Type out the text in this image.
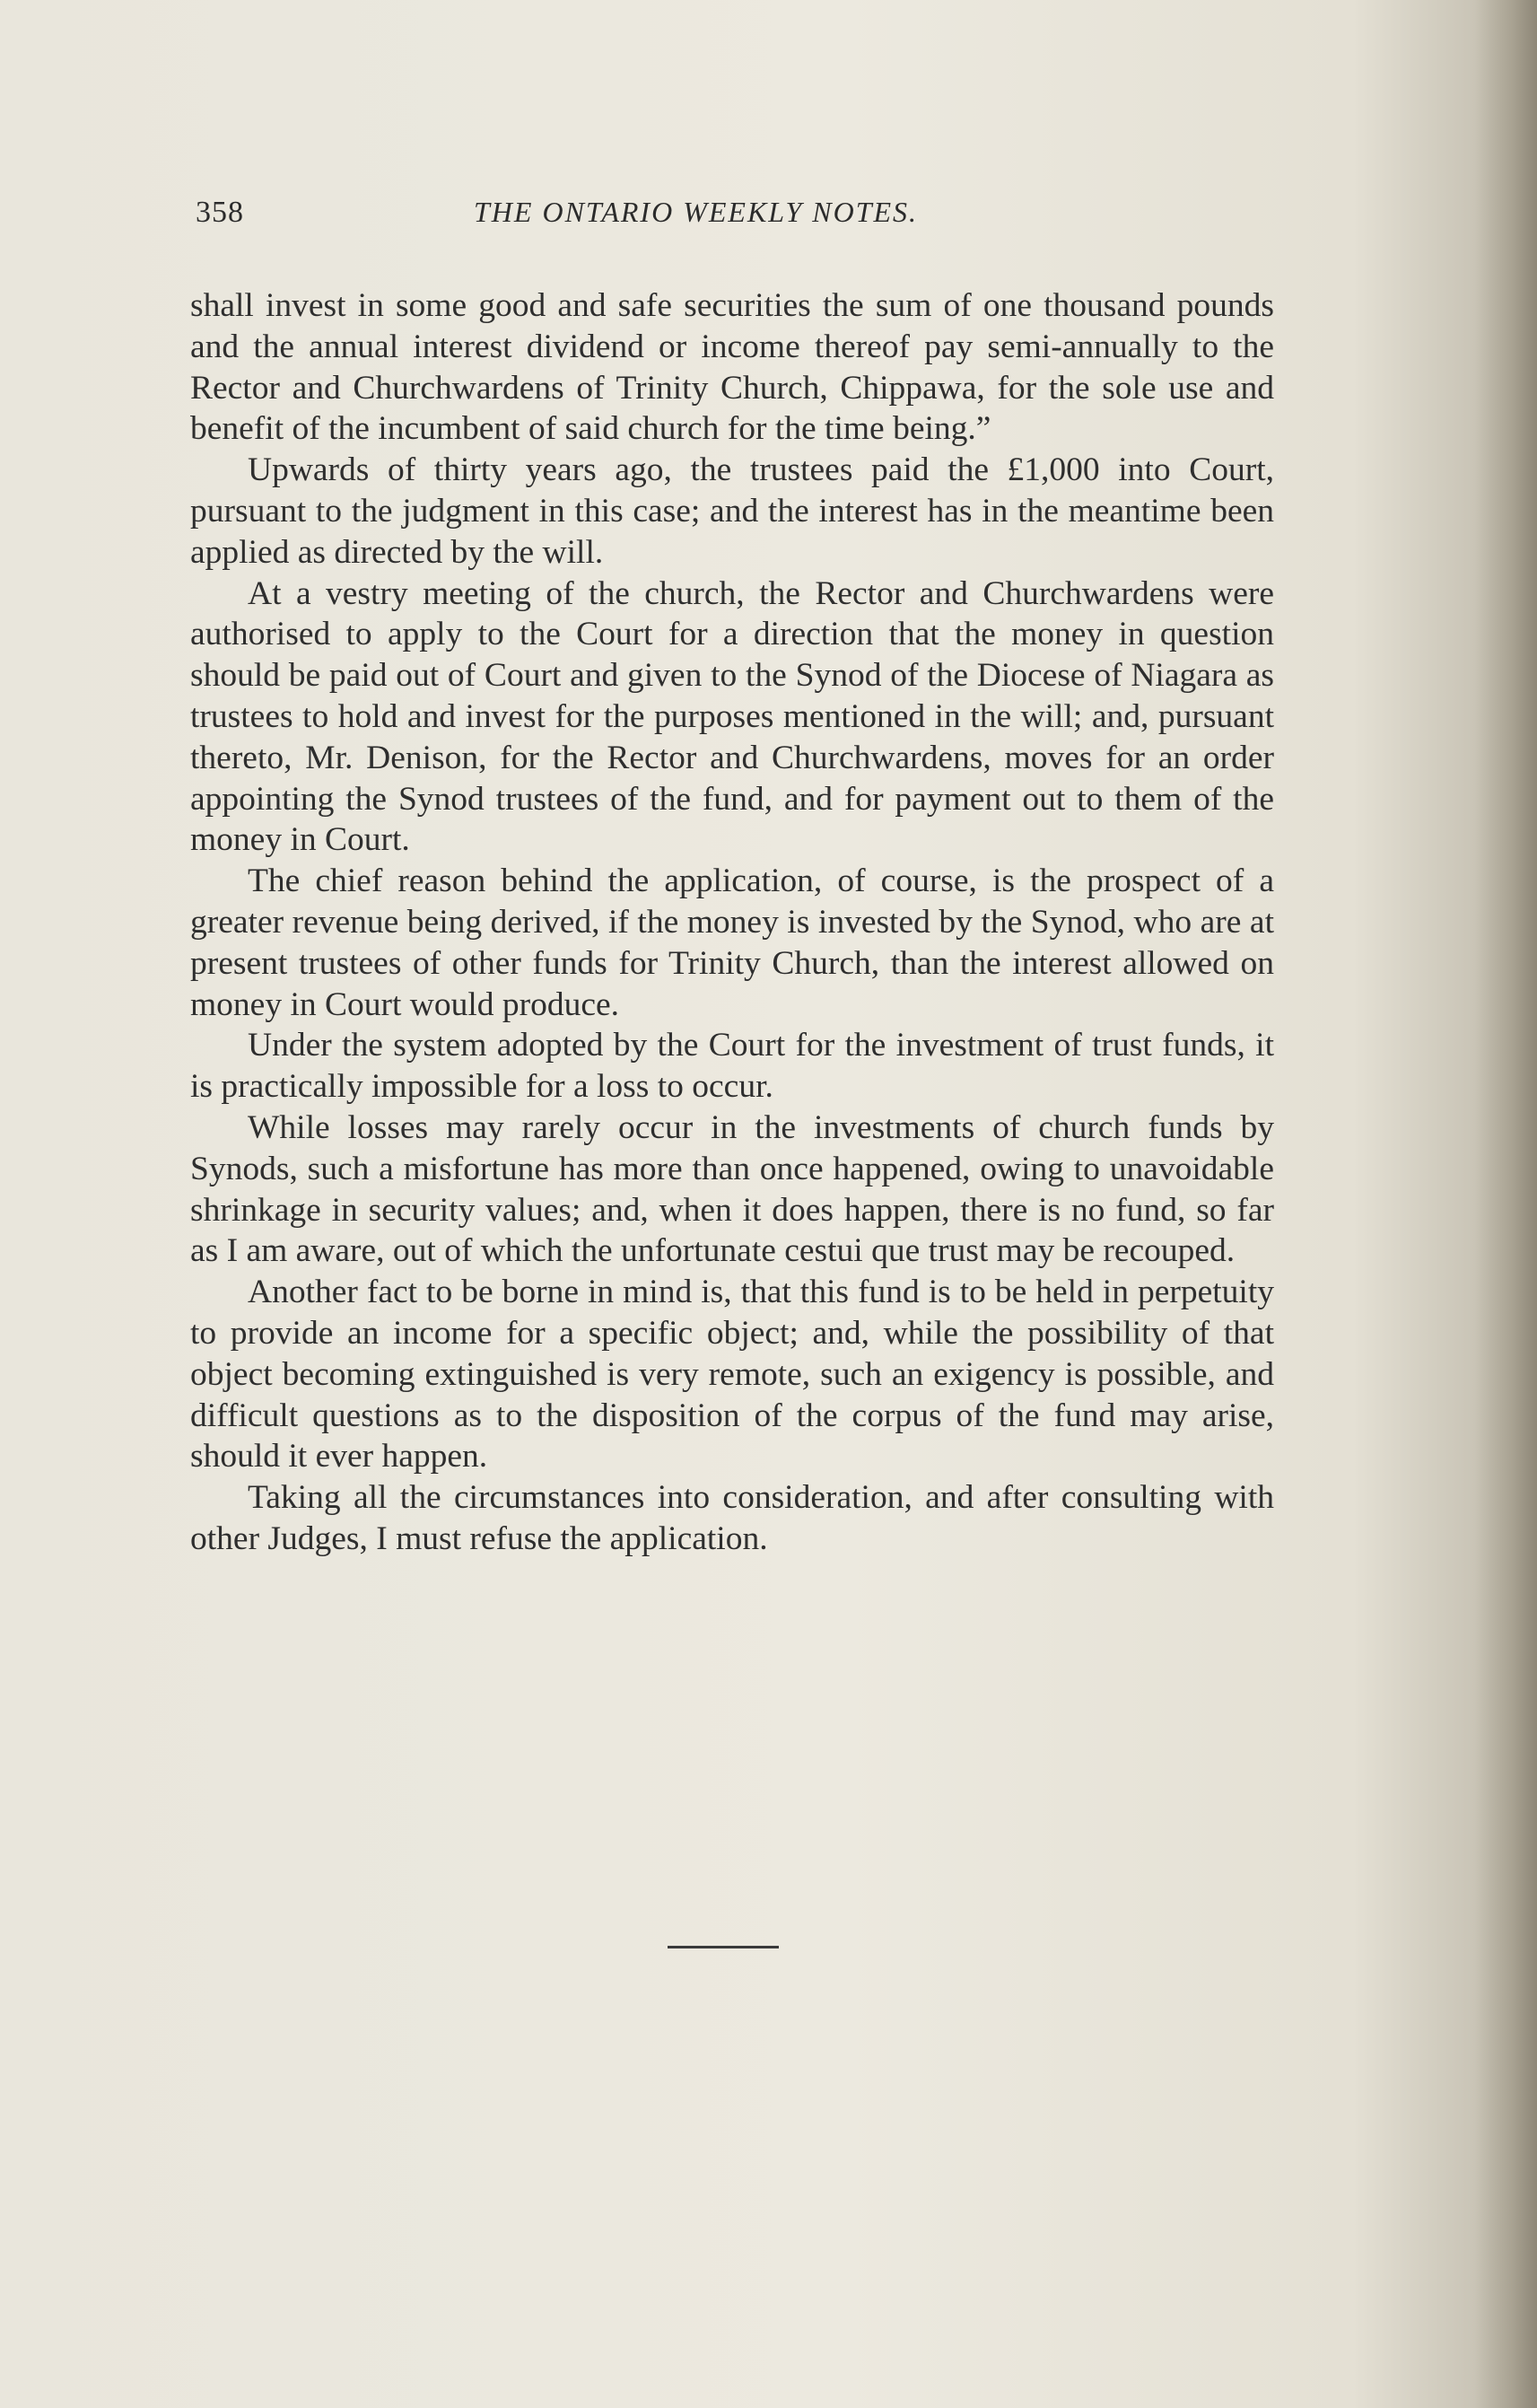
358	THE ONTARIO WEEKLY NOTES.

shall invest in some good and safe securities the sum of one thousand pounds and the annual interest dividend or income thereof pay semi-annually to the Rector and Churchwardens of Trinity Church, Chippawa, for the sole use and benefit of the incumbent of said church for the time being.”

Upwards of thirty years ago, the trustees paid the £1,000 into Court, pursuant to the judgment in this case; and the interest has in the meantime been applied as directed by the will.

At a vestry meeting of the church, the Rector and Churchwardens were authorised to apply to the Court for a direction that the money in question should be paid out of Court and given to the Synod of the Diocese of Niagara as trustees to hold and invest for the purposes mentioned in the will; and, pursuant thereto, Mr. Denison, for the Rector and Churchwardens, moves for an order appointing the Synod trustees of the fund, and for payment out to them of the money in Court.

The chief reason behind the application, of course, is the prospect of a greater revenue being derived, if the money is invested by the Synod, who are at present trustees of other funds for Trinity Church, than the interest allowed on money in Court would produce.

Under the system adopted by the Court for the investment of trust funds, it is practically impossible for a loss to occur.

While losses may rarely occur in the investments of church funds by Synods, such a misfortune has more than once happened, owing to unavoidable shrinkage in security values; and, when it does happen, there is no fund, so far as I am aware, out of which the unfortunate cestui que trust may be recouped.

Another fact to be borne in mind is, that this fund is to be held in perpetuity to provide an income for a specific object; and, while the possibility of that object becoming extinguished is very remote, such an exigency is possible, and difficult questions as to the disposition of the corpus of the fund may arise, should it ever happen.

Taking all the circumstances into consideration, and after consulting with other Judges, I must refuse the application.
